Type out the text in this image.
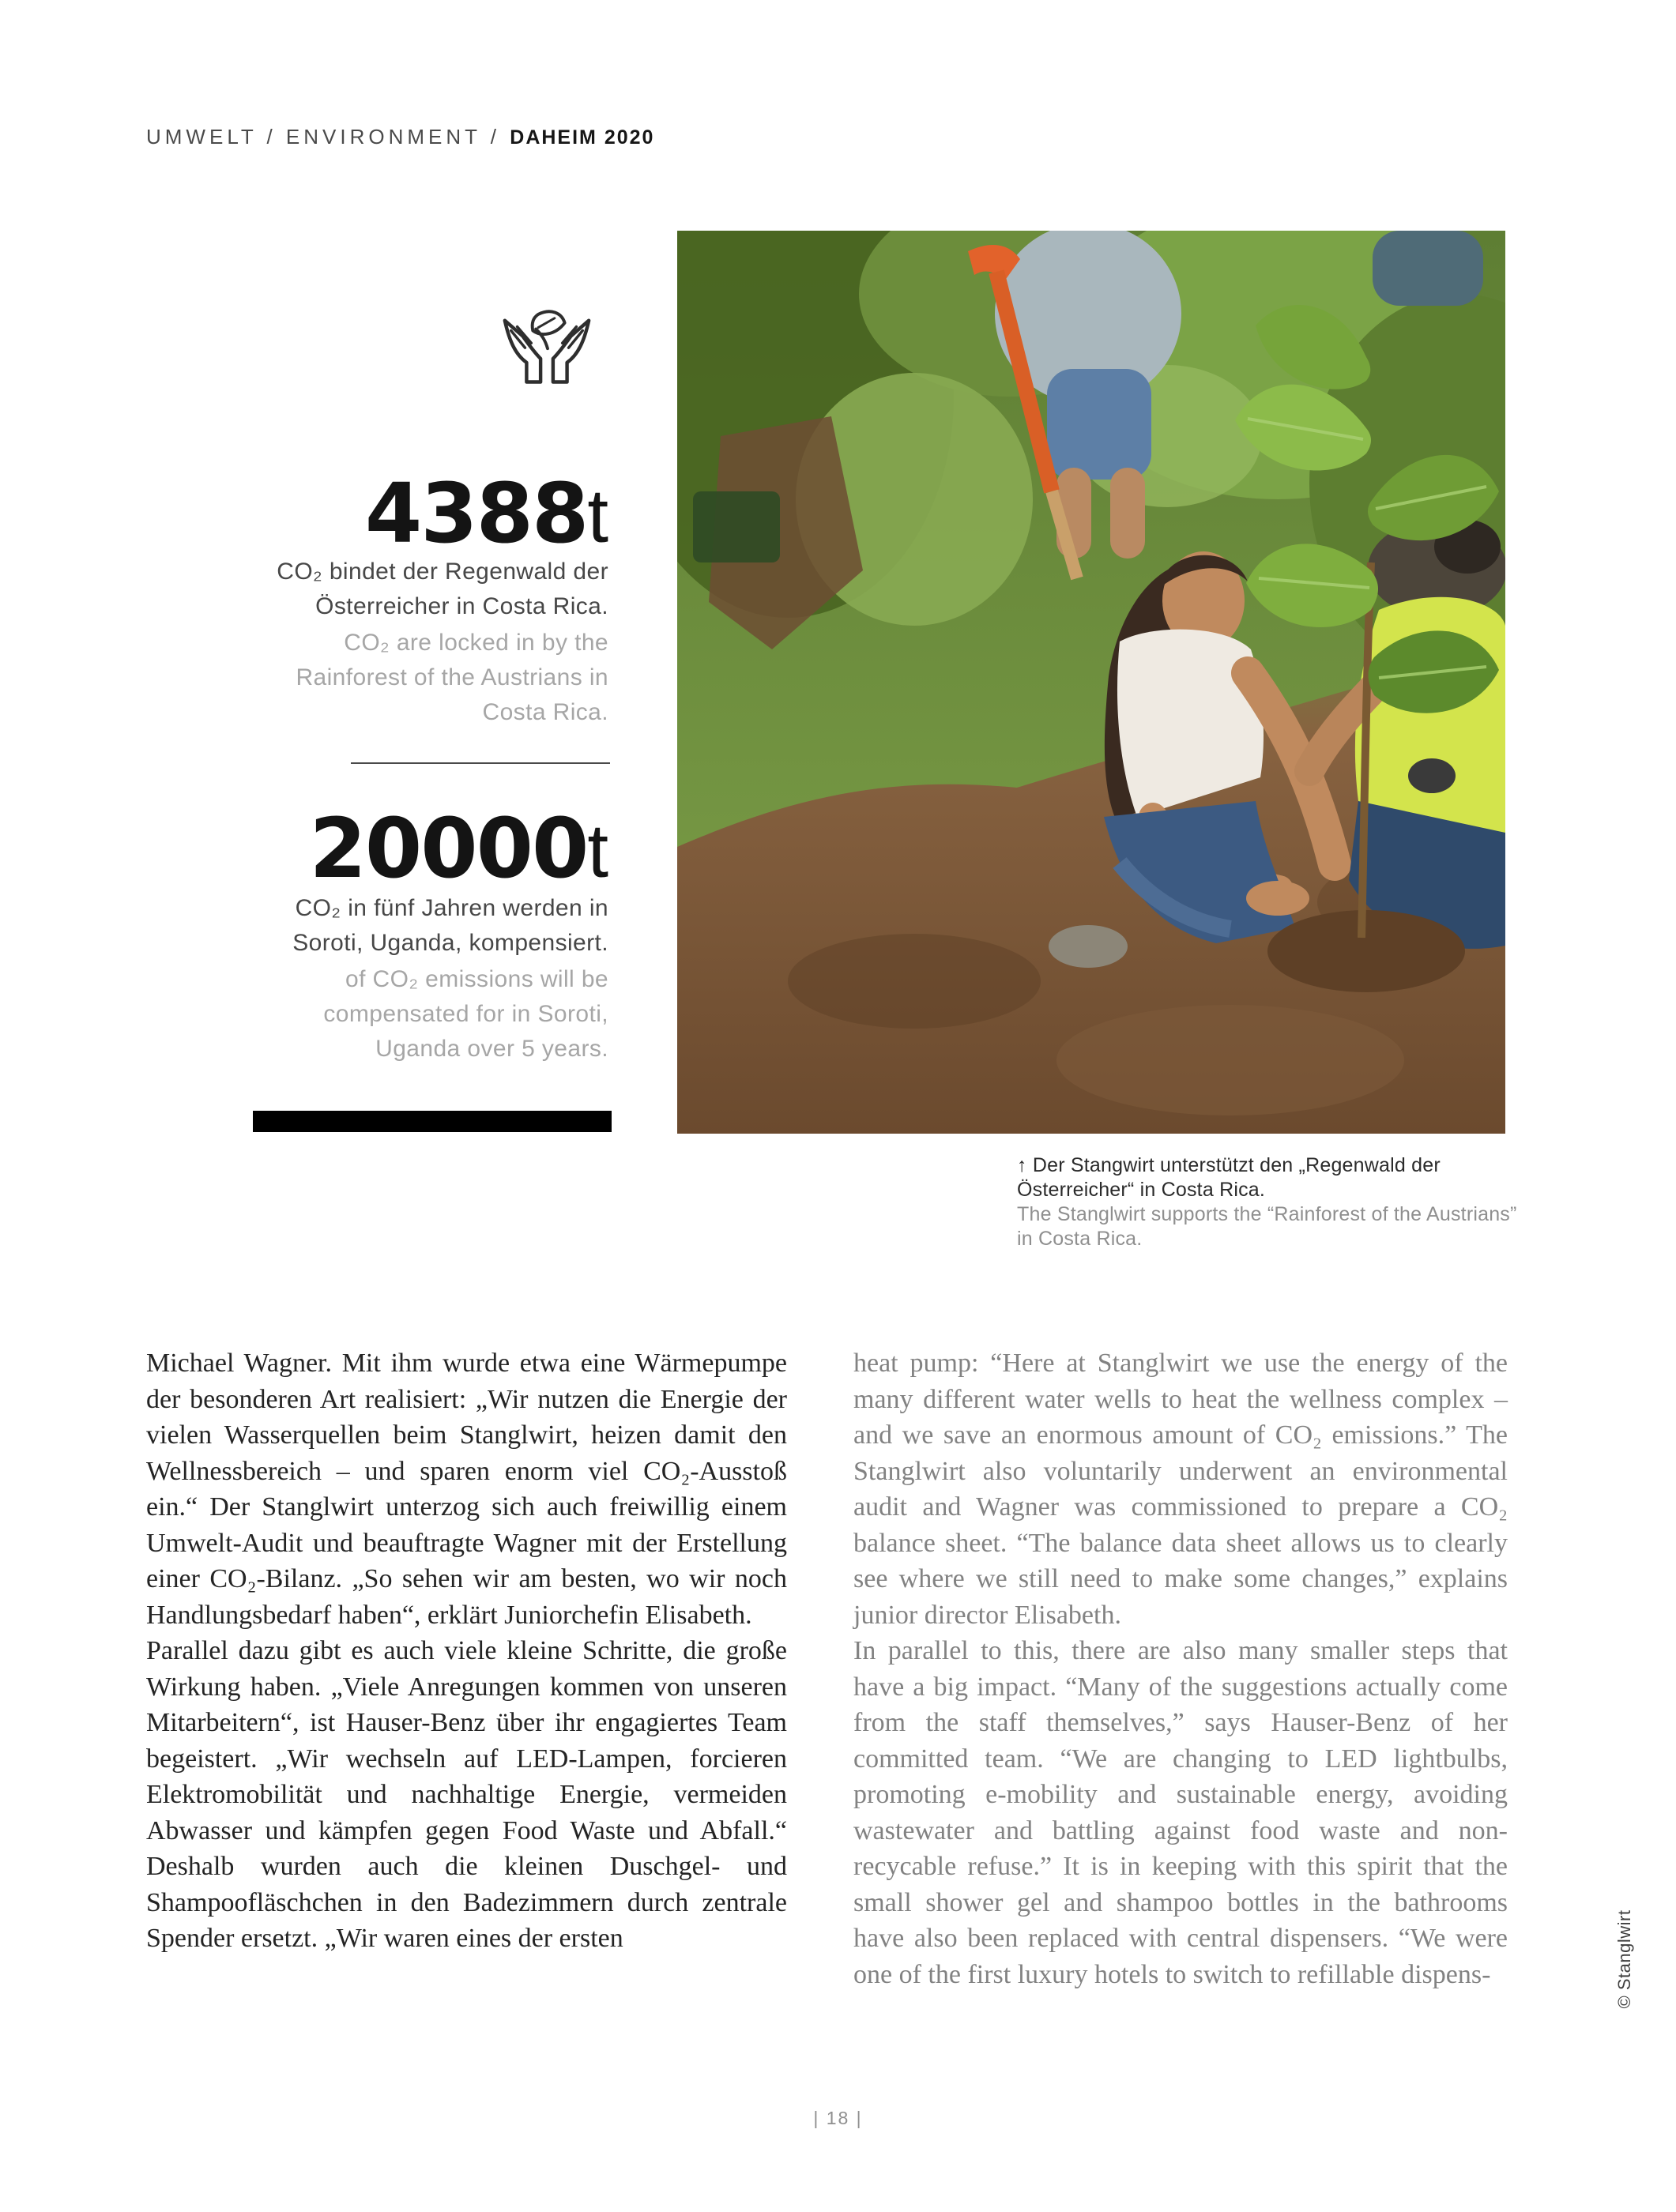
UMWELT / ENVIRONMENT / DAHEIM 2020
4388t
CO₂ bindet der Regenwald der Österreicher in Costa Rica.
CO₂ are locked in by the Rainforest of the Austrians in Costa Rica.
20000t
CO₂ in fünf Jahren werden in Soroti, Uganda, kompensiert.
of CO₂ emissions will be compensated for in Soroti, Uganda over 5 years.
↑ Der Stangwirt unterstützt den „Regenwald der Österreicher“ in Costa Rica.
The Stanglwirt supports the “Rainforest of the Austrians” in Costa Rica.

Michael Wagner. Mit ihm wurde etwa eine Wärmepumpe der besonderen Art realisiert: „Wir nutzen die Energie der vielen Wasserquellen beim Stanglwirt, heizen damit den Wellnessbereich – und sparen enorm viel CO₂-Ausstoß ein.“ Der Stanglwirt unterzog sich auch freiwillig einem Umwelt-Audit und beauftragte Wagner mit der Erstellung einer CO₂-Bilanz. „So sehen wir am besten, wo wir noch Handlungsbedarf haben“, erklärt Juniorchefin Elisabeth.

Parallel dazu gibt es auch viele kleine Schritte, die große Wirkung haben. „Viele Anregungen kommen von unseren Mitarbeitern“, ist Hauser-Benz über ihr engagiertes Team begeistert. „Wir wechseln auf LED-Lampen, forcieren Elektromobilität und nachhaltige Energie, vermeiden Abwasser und kämpfen gegen Food Waste und Abfall.“ Deshalb wurden auch die kleinen Duschgel- und Shampoofläschchen in den Badezimmern durch zentrale Spender ersetzt. „Wir waren eines der ersten

heat pump: “Here at Stanglwirt we use the energy of the many different water wells to heat the wellness complex – and we save an enormous amount of CO₂ emissions.” The Stanglwirt also voluntarily underwent an environmental audit and Wagner was commissioned to prepare a CO₂ balance sheet. “The balance data sheet allows us to clearly see where we still need to make some changes,” explains junior director Elisabeth.

In parallel to this, there are also many smaller steps that have a big impact. “Many of the suggestions actually come from the staff themselves,” says Hauser-Benz of her committed team. “We are changing to LED lightbulbs, promoting e-mobility and sustainable energy, avoiding wastewater and battling against food waste and non-recycable refuse.” It is in keeping with this spirit that the small shower gel and shampoo bottles in the bathrooms have also been replaced with central dispensers. “We were one of the first luxury hotels to switch to refillable dispens-	© Stanglwirt
| 18 |
